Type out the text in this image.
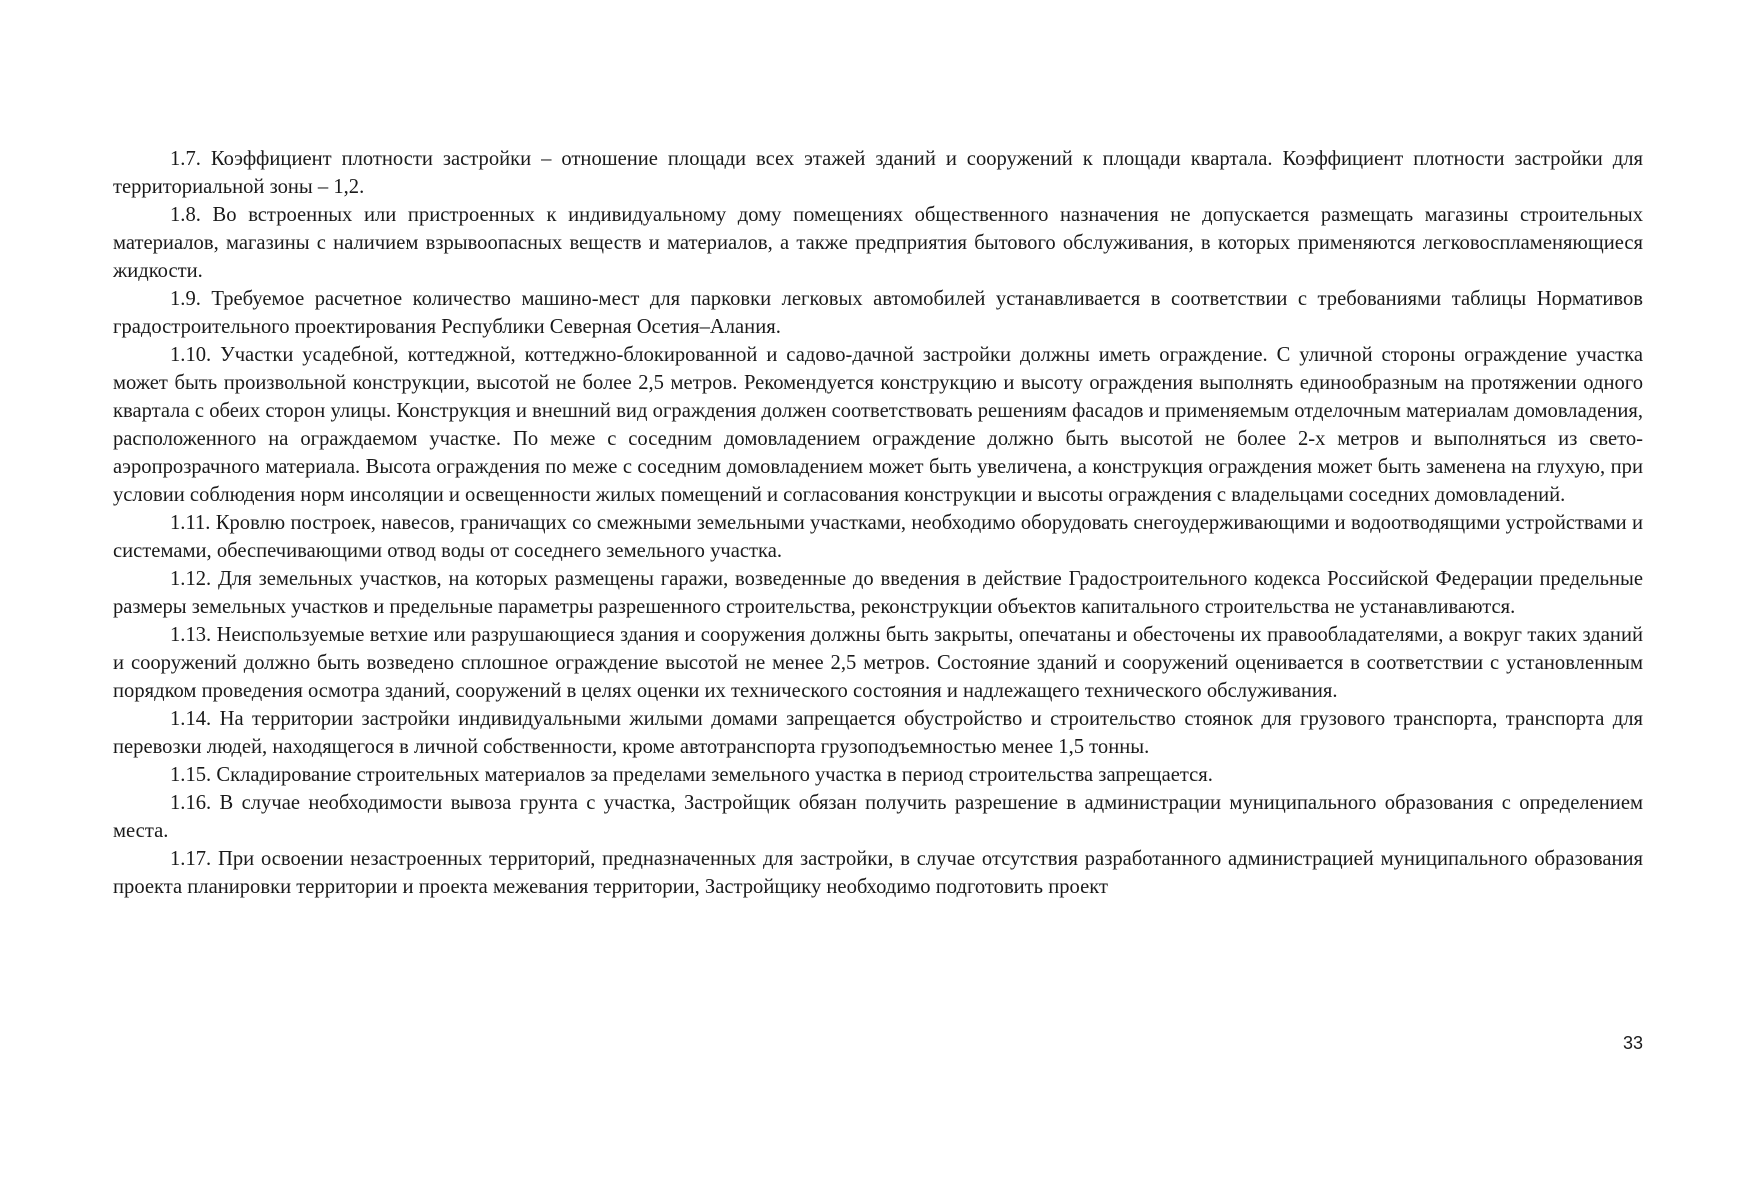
1.7. Коэффициент плотности застройки – отношение площади всех этажей зданий и сооружений к площади квартала. Коэффициент плотности застройки для территориальной зоны – 1,2.

1.8. Во встроенных или пристроенных к индивидуальному дому помещениях общественного назначения не допускается размещать магазины строительных материалов, магазины с наличием взрывоопасных веществ и материалов, а также предприятия бытового обслуживания, в которых применяются легковоспламеняющиеся жидкости.

1.9. Требуемое расчетное количество машино-мест для парковки легковых автомобилей устанавливается в соответствии с требованиями таблицы Нормативов градостроительного проектирования Республики Северная Осетия–Алания.

1.10. Участки усадебной, коттеджной, коттеджно-блокированной и садово-дачной застройки должны иметь ограждение. С уличной стороны ограждение участка может быть произвольной конструкции, высотой не более 2,5 метров. Рекомендуется конструкцию и высоту ограждения выполнять единообразным на протяжении одного квартала с обеих сторон улицы. Конструкция и внешний вид ограждения должен соответствовать решениям фасадов и применяемым отделочным материалам домовладения, расположенного на ограждаемом участке. По меже с соседним домовладением ограждение должно быть высотой не более 2-х метров и выполняться из свето-аэропрозрачного материала. Высота ограждения по меже с соседним домовладением может быть увеличена, а конструкция ограждения может быть заменена на глухую, при условии соблюдения норм инсоляции и освещенности жилых помещений и согласования конструкции и высоты ограждения с владельцами соседних домовладений.

1.11. Кровлю построек, навесов, граничащих со смежными земельными участками, необходимо оборудовать снегоудерживающими и водоотводящими устройствами и системами, обеспечивающими отвод воды от соседнего земельного участка.

1.12. Для земельных участков, на которых размещены гаражи, возведенные до введения в действие Градостроительного кодекса Российской Федерации предельные размеры земельных участков и предельные параметры разрешенного строительства, реконструкции объектов капитального строительства не устанавливаются.

1.13. Неиспользуемые ветхие или разрушающиеся здания и сооружения должны быть закрыты, опечатаны и обесточены их правообладателями, а вокруг таких зданий и сооружений должно быть возведено сплошное ограждение высотой не менее 2,5 метров. Состояние зданий и сооружений оценивается в соответствии с установленным порядком проведения осмотра зданий, сооружений в целях оценки их технического состояния и надлежащего технического обслуживания.

1.14. На территории застройки индивидуальными жилыми домами запрещается обустройство и строительство стоянок для грузового транспорта, транспорта для перевозки людей, находящегося в личной собственности, кроме автотранспорта грузоподъемностью менее 1,5 тонны.

1.15. Складирование строительных материалов за пределами земельного участка в период строительства запрещается.

1.16. В случае необходимости вывоза грунта с участка, Застройщик обязан получить разрешение в администрации муниципального образования с определением места.

1.17. При освоении незастроенных территорий, предназначенных для застройки, в случае отсутствия разработанного администрацией муниципального образования проекта планировки территории и проекта межевания территории, Застройщику необходимо подготовить проект

33
